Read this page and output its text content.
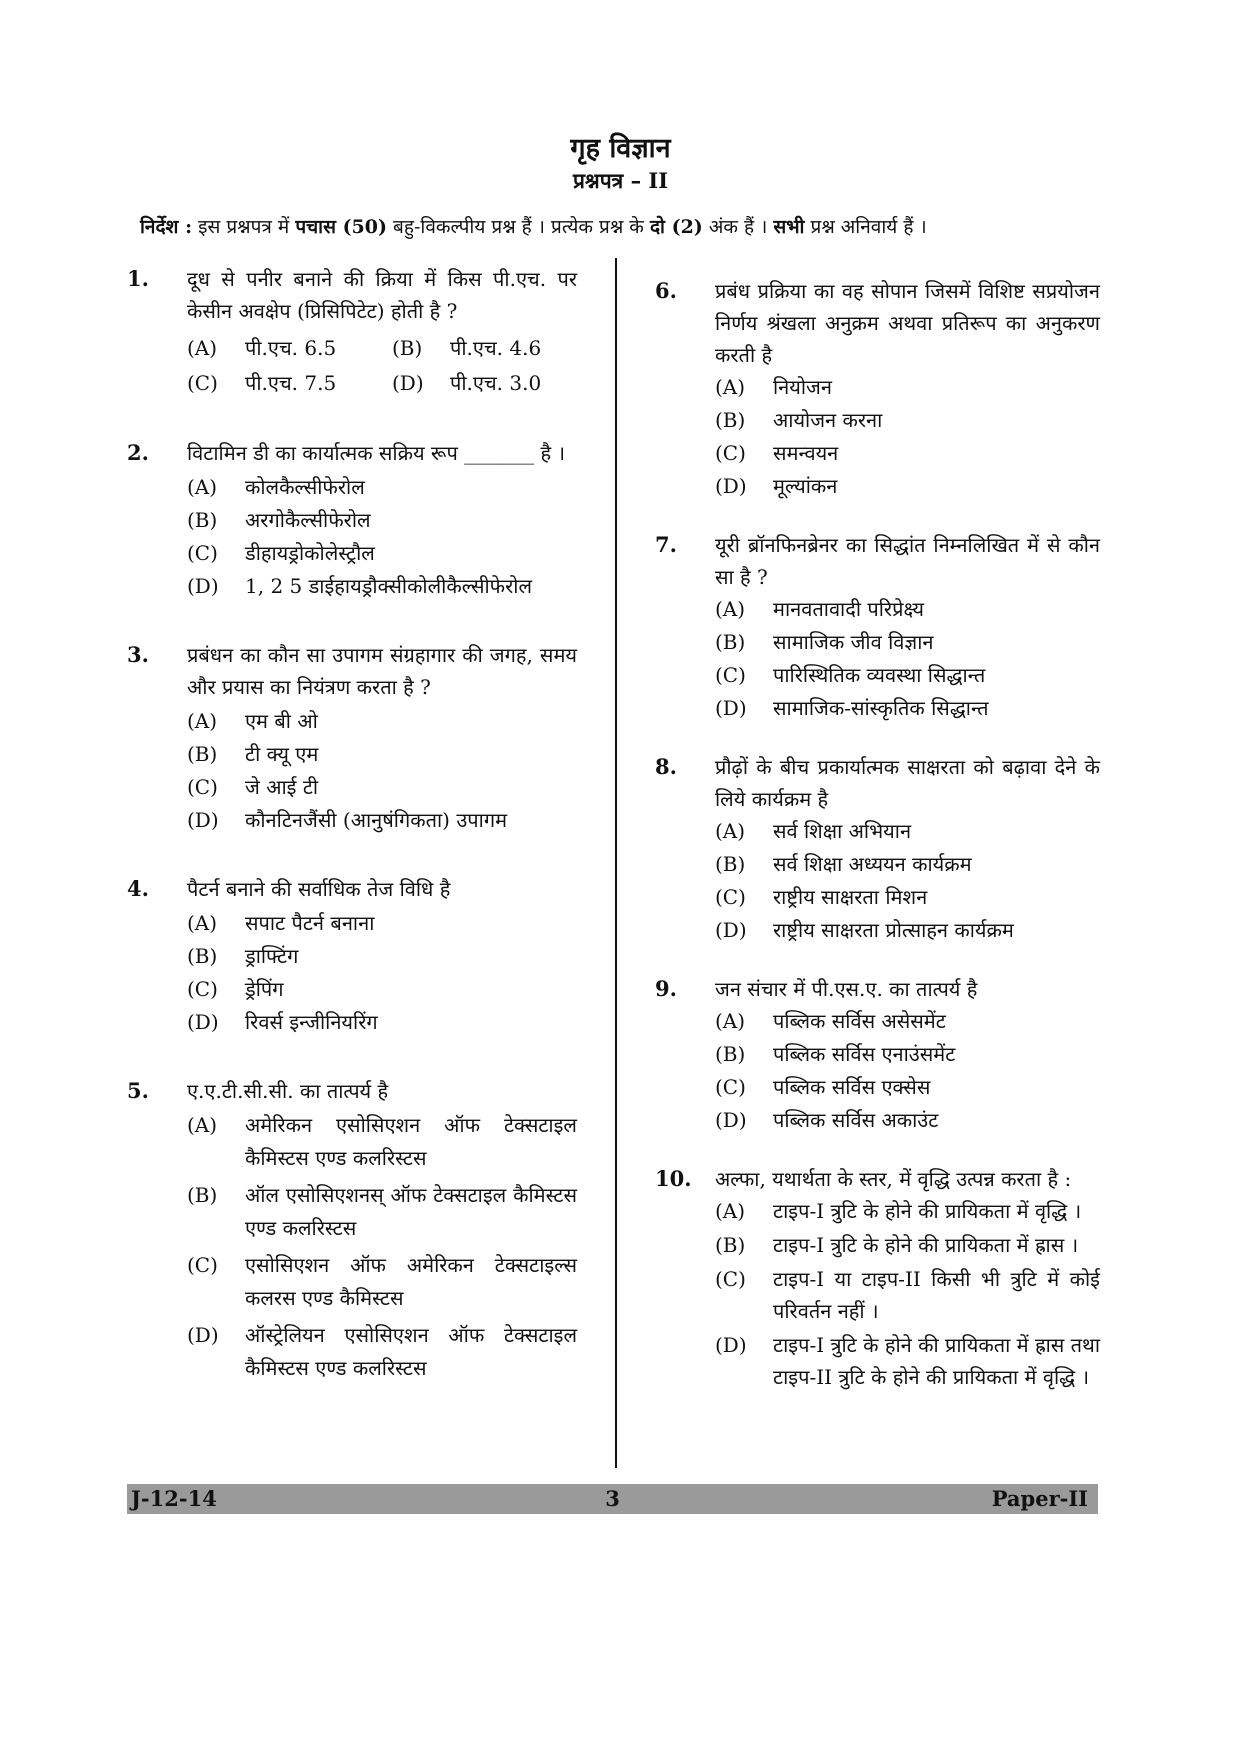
गृह विज्ञान
प्रश्नपत्र – II
निर्देश : इस प्रश्नपत्र में पचास (50) बहु-विकल्पीय प्रश्न हैं । प्रत्येक प्रश्न के दो (2) अंक हैं । सभी प्रश्न अनिवार्य हैं ।
1. दूध से पनीर बनाने की क्रिया में किस पी.एच. पर केसीन अवक्षेप (प्रिसिपिटेट) होती है ?
(A)	पी.एच. 6.5	(B)	पी.एच. 4.6
(C)	पी.एच. 7.5	(D)	पी.एच. 3.0
2. विटामिन डी का कार्यात्मक सक्रिय रूप _______ है ।
(A)	कोलकैल्सीफेरोल
(B)	अरगोकैल्सीफेरोल
(C)	डीहायड्रोकोलेस्ट्रौल
(D)	1, 2 5 डाईहायड्रौक्सीकोलीकैल्सीफेरोल
3. प्रबंधन का कौन सा उपागम संग्रहागार की जगह, समय और प्रयास का नियंत्रण करता है ?
(A)	एम बी ओ
(B)	टी क्यू एम
(C)	जे आई टी
(D)	कौनटिनजैंसी (आनुषंगिकता) उपागम
4. पैटर्न बनाने की सर्वाधिक तेज विधि है
(A)	सपाट पैटर्न बनाना
(B)	ड्राफ्टिंग
(C)	ड्रेपिंग
(D)	रिवर्स इन्जीनियरिंग
5. ए.ए.टी.सी.सी. का तात्पर्य है
(A)	अमेरिकन एसोसिएशन ऑफ टेक्सटाइल कैमिस्टस एण्ड कलरिस्टस
(B)	ऑल एसोसिएशनस् ऑफ टेक्सटाइल कैमिस्टस एण्ड कलरिस्टस
(C)	एसोसिएशन ऑफ अमेरिकन टेक्सटाइल्स कलरस एण्ड कैमिस्टस
(D)	ऑस्ट्रेलियन एसोसिएशन ऑफ टेक्सटाइल कैमिस्टस एण्ड कलरिस्टस
6. प्रबंध प्रक्रिया का वह सोपान जिसमें विशिष्ट सप्रयोजन निर्णय श्रंखला अनुक्रम अथवा प्रतिरूप का अनुकरण करती है
(A)	नियोजन
(B)	आयोजन करना
(C)	समन्वयन
(D)	मूल्यांकन
7. यूरी ब्रॉनफिनब्रेनर का सिद्धांत निम्नलिखित में से कौन सा है ?
(A)	मानवतावादी परिप्रेक्ष्य
(B)	सामाजिक जीव विज्ञान
(C)	पारिस्थितिक व्यवस्था सिद्धान्त
(D)	सामाजिक-सांस्कृतिक सिद्धान्त
8. प्रौढ़ों के बीच प्रकार्यात्मक साक्षरता को बढ़ावा देने के लिये कार्यक्रम है
(A)	सर्व शिक्षा अभियान
(B)	सर्व शिक्षा अध्ययन कार्यक्रम
(C)	राष्ट्रीय साक्षरता मिशन
(D)	राष्ट्रीय साक्षरता प्रोत्साहन कार्यक्रम
9. जन संचार में पी.एस.ए. का तात्पर्य है
(A)	पब्लिक सर्विस असेसमेंट
(B)	पब्लिक सर्विस एनाउंसमेंट
(C)	पब्लिक सर्विस एक्सेस
(D)	पब्लिक सर्विस अकाउंट
10. अल्फा, यथार्थता के स्तर, में वृद्धि उत्पन्न करता है :
(A)	टाइप-I त्रुटि के होने की प्रायिकता में वृद्धि ।
(B)	टाइप-I त्रुटि के होने की प्रायिकता में ह्रास ।
(C)	टाइप-I या टाइप-II किसी भी त्रुटि में कोई परिवर्तन नहीं ।
(D)	टाइप-I त्रुटि के होने की प्रायिकता में ह्रास तथा टाइप-II त्रुटि के होने की प्रायिकता में वृद्धि ।
J-12-14	3	Paper-II
